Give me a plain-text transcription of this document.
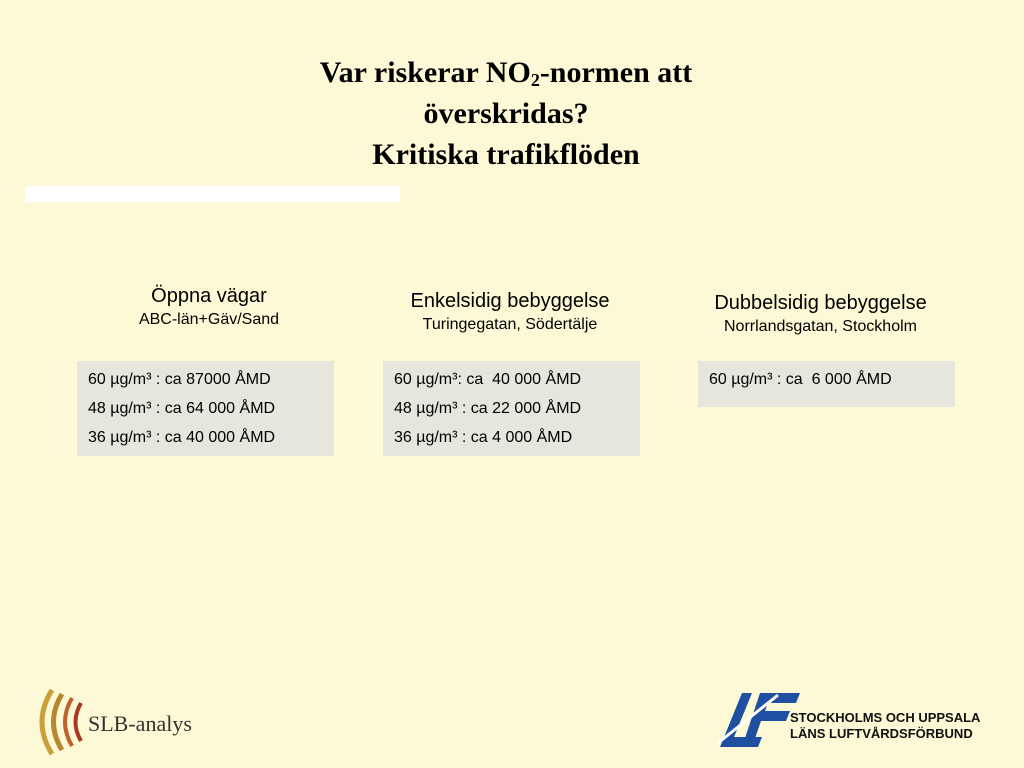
Var riskerar $NO_2$-normen att
överskridas?
Kritiska trafikflöden
Öppna vägar
ABC-län+Gäv/Sand
60 µg/m³ : ca 87000 ÅMD
48 µg/m³ : ca 64 000 ÅMD
36 µg/m³ : ca 40 000 ÅMD
Enkelsidig bebyggelse
Turingegatan, Södertälje
60 µg/m³: ca  40 000 ÅMD
48 µg/m³ : ca 22 000 ÅMD
36 µg/m³ : ca 4 000 ÅMD
Dubbelsidig bebyggelse
Norrlandsgatan, Stockholm
60 µg/m³ : ca  6 000 ÅMD
SLB-analys	STOCKHOLMS OCH UPPSALA
LÄNS LUFTVÅRDSFÖRBUND
